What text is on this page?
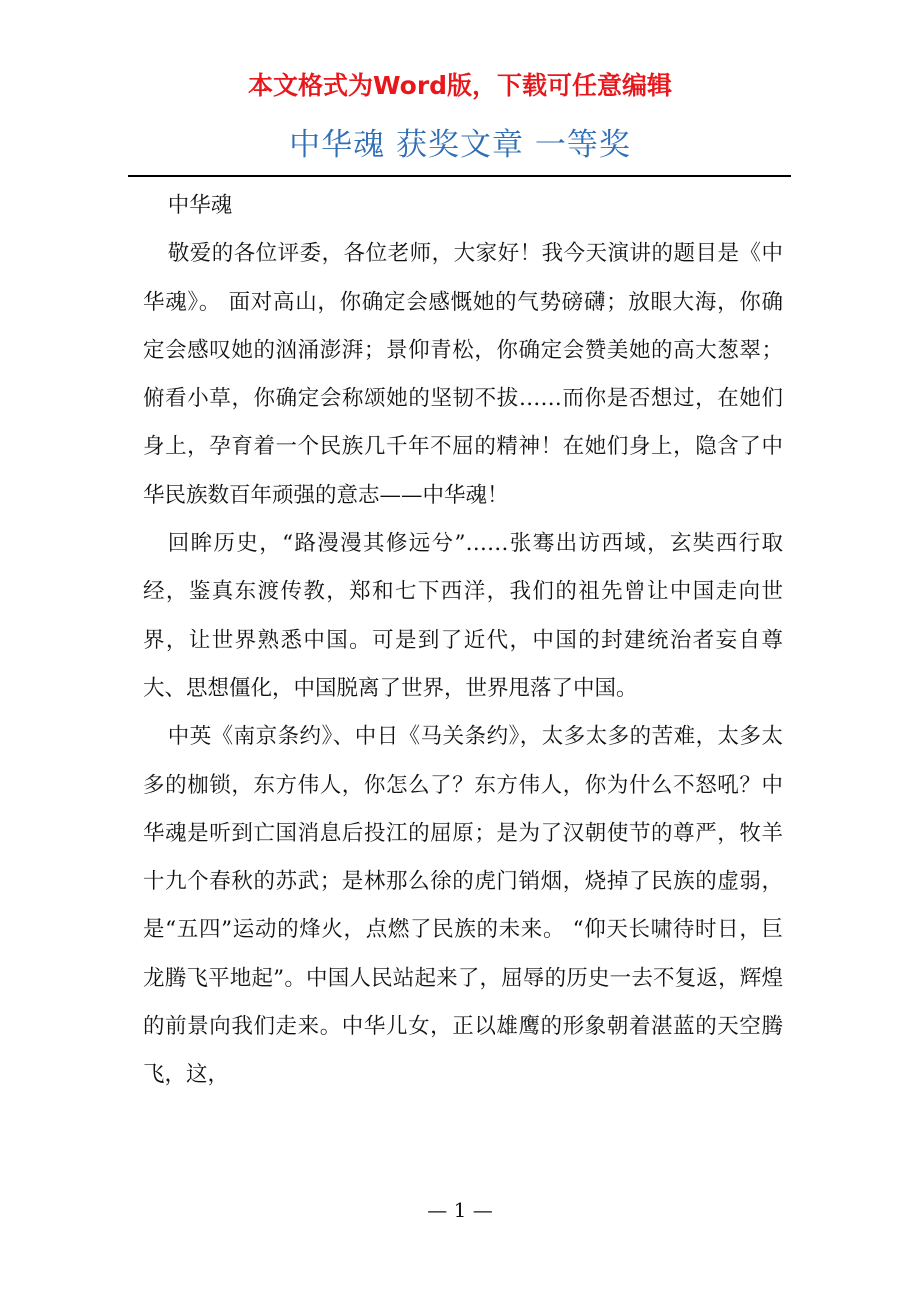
本文格式为Word版，下载可任意编辑
中华魂 获奖文章 一等奖

中华魂

敬爱的各位评委，各位老师，大家好！我今天演讲的题目是《中华魂》。 面对高山，你确定会感慨她的气势磅礴；放眼大海，你确定会感叹她的汹涌澎湃；景仰青松，你确定会赞美她的高大葱翠；俯看小草，你确定会称颂她的坚韧不拔……而你是否想过，在她们身上，孕育着一个民族几千年不屈的精神！在她们身上，隐含了中华民族数百年顽强的意志——中华魂！

回眸历史，“路漫漫其修远兮”……张骞出访西域，玄奘西行取经，鉴真东渡传教，郑和七下西洋，我们的祖先曾让中国走向世界，让世界熟悉中国。可是到了近代，中国的封建统治者妄自尊大、思想僵化，中国脱离了世界，世界甩落了中国。

中英《南京条约》、中日《马关条约》，太多太多的苦难，太多太多的枷锁，东方伟人，你怎么了？东方伟人，你为什么不怒吼？中华魂是听到亡国消息后投江的屈原；是为了汉朝使节的尊严，牧羊十九个春秋的苏武；是林那么徐的虎门销烟，烧掉了民族的虚弱，是“五四”运动的烽火，点燃了民族的未来。 “仰天长啸待时日，巨龙腾飞平地起”。中国人民站起来了，屈辱的历史一去不复返，辉煌的前景向我们走来。中华儿女，正以雄鹰的形象朝着湛蓝的天空腾飞，这，

— 1 —
